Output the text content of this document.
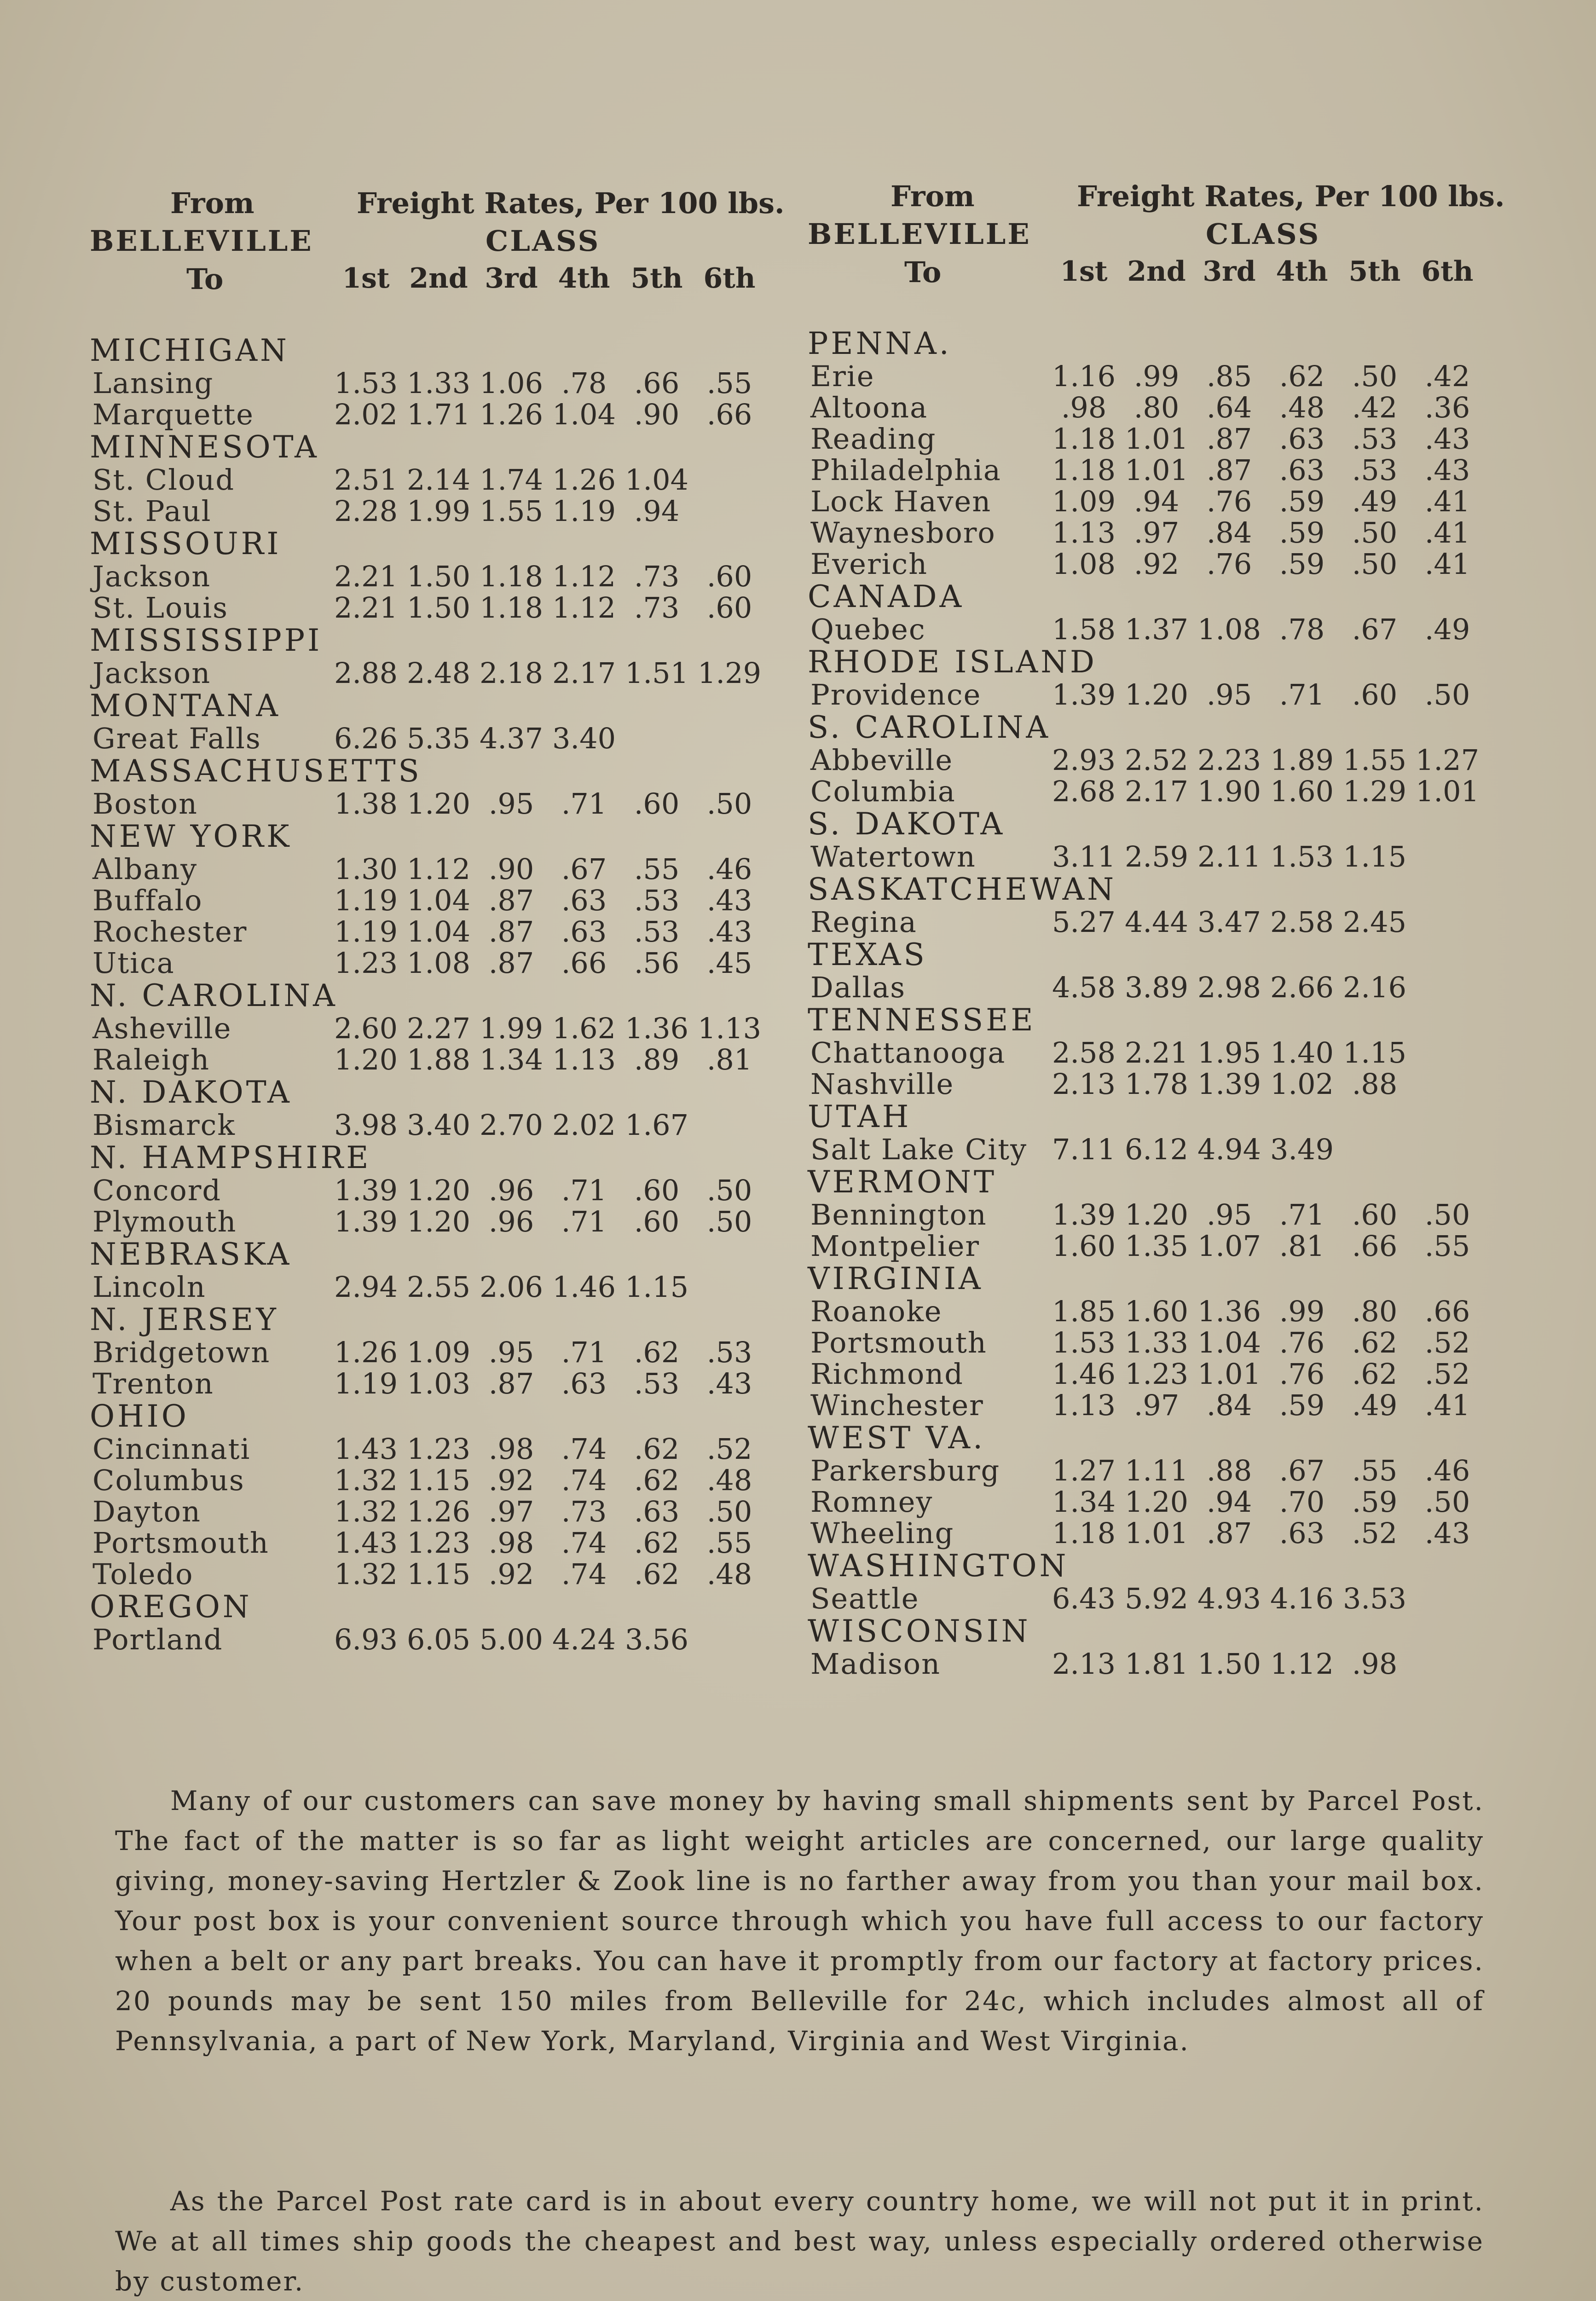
From	Freight Rates, Per 100 lbs.
BELLEVILLE	CLASS
To	1st 2nd 3rd 4th 5th 6th
MICHIGAN
Lansing	1.53 1.33 1.06 .78 .66 .55
Marquette	2.02 1.71 1.26 1.04 .90 .66
MINNESOTA
St. Cloud	2.51 2.14 1.74 1.26 1.04
St. Paul	2.28 1.99 1.55 1.19 .94
MISSOURI
Jackson	2.21 1.50 1.18 1.12 .73 .60
St. Louis	2.21 1.50 1.18 1.12 .73 .60
MISSISSIPPI
Jackson	2.88 2.48 2.18 2.17 1.51 1.29
MONTANA
Great Falls	6.26 5.35 4.37 3.40
MASSACHUSETTS
Boston	1.38 1.20 .95 .71 .60 .50
NEW YORK
Albany	1.30 1.12 .90 .67 .55 .46
Buffalo	1.19 1.04 .87 .63 .53 .43
Rochester	1.19 1.04 .87 .63 .53 .43
Utica	1.23 1.08 .87 .66 .56 .45
N. CAROLINA
Asheville	2.60 2.27 1.99 1.62 1.36 1.13
Raleigh	1.20 1.88 1.34 1.13 .89 .81
N. DAKOTA
Bismarck	3.98 3.40 2.70 2.02 1.67
N. HAMPSHIRE
Concord	1.39 1.20 .96 .71 .60 .50
Plymouth	1.39 1.20 .96 .71 .60 .50
NEBRASKA
Lincoln	2.94 2.55 2.06 1.46 1.15
N. JERSEY
Bridgetown 1.26 1.09 .95 .71 .62 .53
Trenton	1.19 1.03 .87 .63 .53 .43
OHIO
Cincinnati	1.43 1.23 .98 .74 .62 .52
Columbus	1.32 1.15 .92 .74 .62 .48
Dayton	1.32 1.26 .97 .73 .63 .50
Portsmouth 1.43 1.23 .98 .74 .62 .55
Toledo	1.32 1.15 .92 .74 .62 .48
OREGON
Portland	6.93 6.05 5.00 4.24 3.56
From	Freight Rates, Per 100 lbs.
BELLEVILLE	CLASS
To	1st 2nd 3rd 4th 5th 6th
PENNA.
Erie	1.16 .99 .85 .62 .50 .42
Altoona	.98 .80 .64 .48 .42 .36
Reading	1.18 1.01 .87 .63 .53 .43
Philadelphia 1.18 1.01 .87 .63 .53 .43
Lock Haven 1.09 .94 .76 .59 .49 .41
Waynesboro 1.13 .97 .84 .59 .50 .41
Everich	1.08 .92 .76 .59 .50 .41
CANADA
Quebec	1.58 1.37 1.08 .78 .67 .49
RHODE ISLAND
Providence 1.39 1.20 .95 .71 .60 .50
S. CAROLINA
Abbeville	2.93 2.52 2.23 1.89 1.55 1.27
Columbia	2.68 2.17 1.90 1.60 1.29 1.01
S. DAKOTA
Watertown	3.11 2.59 2.11 1.53 1.15
SASKATCHEWAN
Regina	5.27 4.44 3.47 2.58 2.45
TEXAS
Dallas	4.58 3.89 2.98 2.66 2.16
TENNESSEE
Chattanooga 2.58 2.21 1.95 1.40 1.15
Nashville	2.13 1.78 1.39 1.02 .88
UTAH
Salt Lake City 7.11 6.12 4.94 3.49
VERMONT
Bennington 1.39 1.20 .95 .71 .60 .50
Montpelier	1.60 1.35 1.07 .81 .66 .55
VIRGINIA
Roanoke	1.85 1.60 1.36 .99 .80 .66
Portsmouth 1.53 1.33 1.04 .76 .62 .52
Richmond	1.46 1.23 1.01 .76 .62 .52
Winchester 1.13 .97 .84 .59 .49 .41
WEST VA.
Parkersburg 1.27 1.11 .88 .67 .55 .46
Romney	1.34 1.20 .94 .70 .59 .50
Wheeling	1.18 1.01 .87 .63 .52 .43
WASHINGTON
Seattle	6.43 5.92 4.93 4.16 3.53
WISCONSIN
Madison	2.13 1.81 1.50 1.12 .98

Many of our customers can save money by having small shipments sent by Parcel Post. The fact of the matter is so far as light weight articles are concerned, our large quality giving, money-saving Hertzler & Zook line is no farther away from you than your mail box. Your post box is your convenient source through which you have full access to our factory when a belt or any part breaks. You can have it promptly from our factory at factory prices. 20 pounds may be sent 150 miles from Belleville for 24c, which includes almost all of Pennsylvania, a part of New York, Maryland, Virginia and West Virginia.

As the Parcel Post rate card is in about every country home, we will not put it in print. We at all times ship goods the cheapest and best way, unless especially ordered otherwise by customer.
